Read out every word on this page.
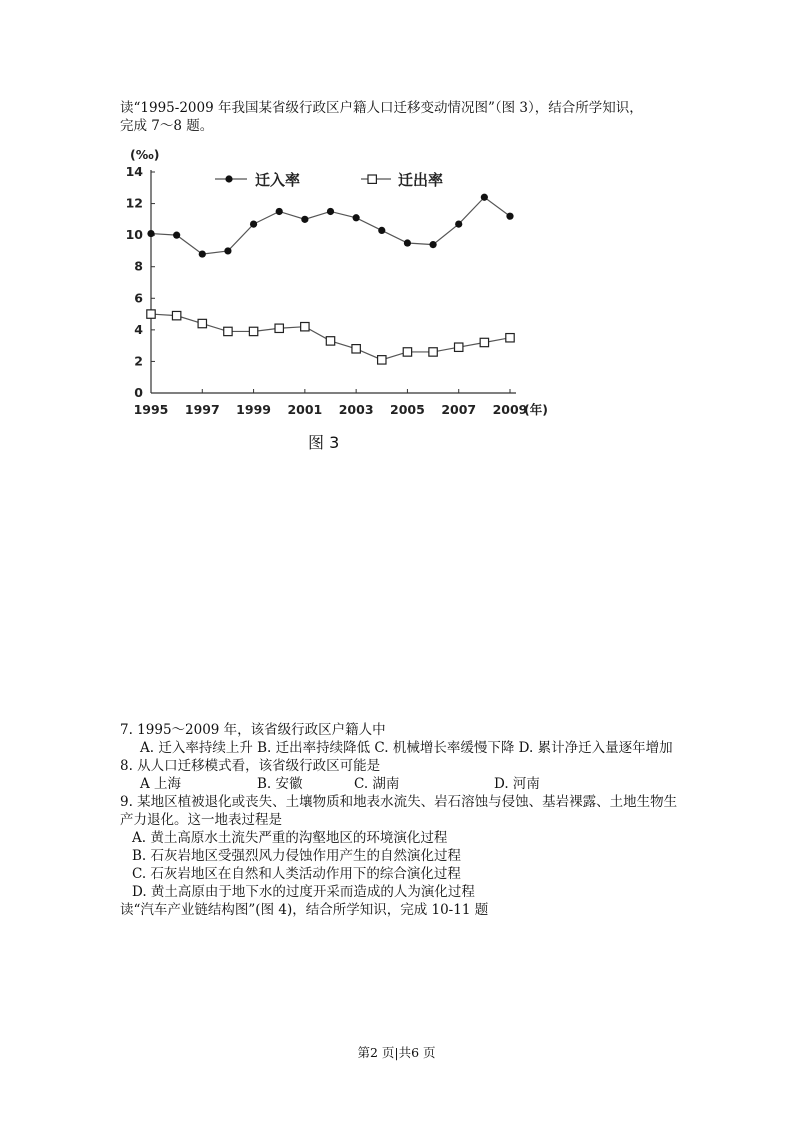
读“1995-2009 年我国某省级行政区户籍人口迁移变动情况图”（图 3），结合所学知识，
完成 7～8 题。
(‰)
(年)
0
2
4
6
8
10
12
14
1995 1997 1999 2001 2003 2005 2007 2009
迁入率	迁出率
图 3
7. 1995～2009 年，该省级行政区户籍人中
A. 迁入率持续上升 B. 迁出率持续降低 C. 机械增长率缓慢下降 D. 累计净迁入量逐年增加
8. 从人口迁移模式看，该省级行政区可能是
A 上海	B. 安徽	C. 湖南	D. 河南
9. 某地区植被退化或丧失、土壤物质和地表水流失、岩石溶蚀与侵蚀、基岩裸露、土地生物生产力退化。这一地表过程是
A. 黄土高原水土流失严重的沟壑地区的环境演化过程
B. 石灰岩地区受强烈风力侵蚀作用产生的自然演化过程
C. 石灰岩地区在自然和人类活动作用下的综合演化过程
D. 黄土高原由于地下水的过度开采而造成的人为演化过程
读“汽车产业链结构图”(图 4)，结合所学知识，完成 10-11 题
第2 页|共6 页
